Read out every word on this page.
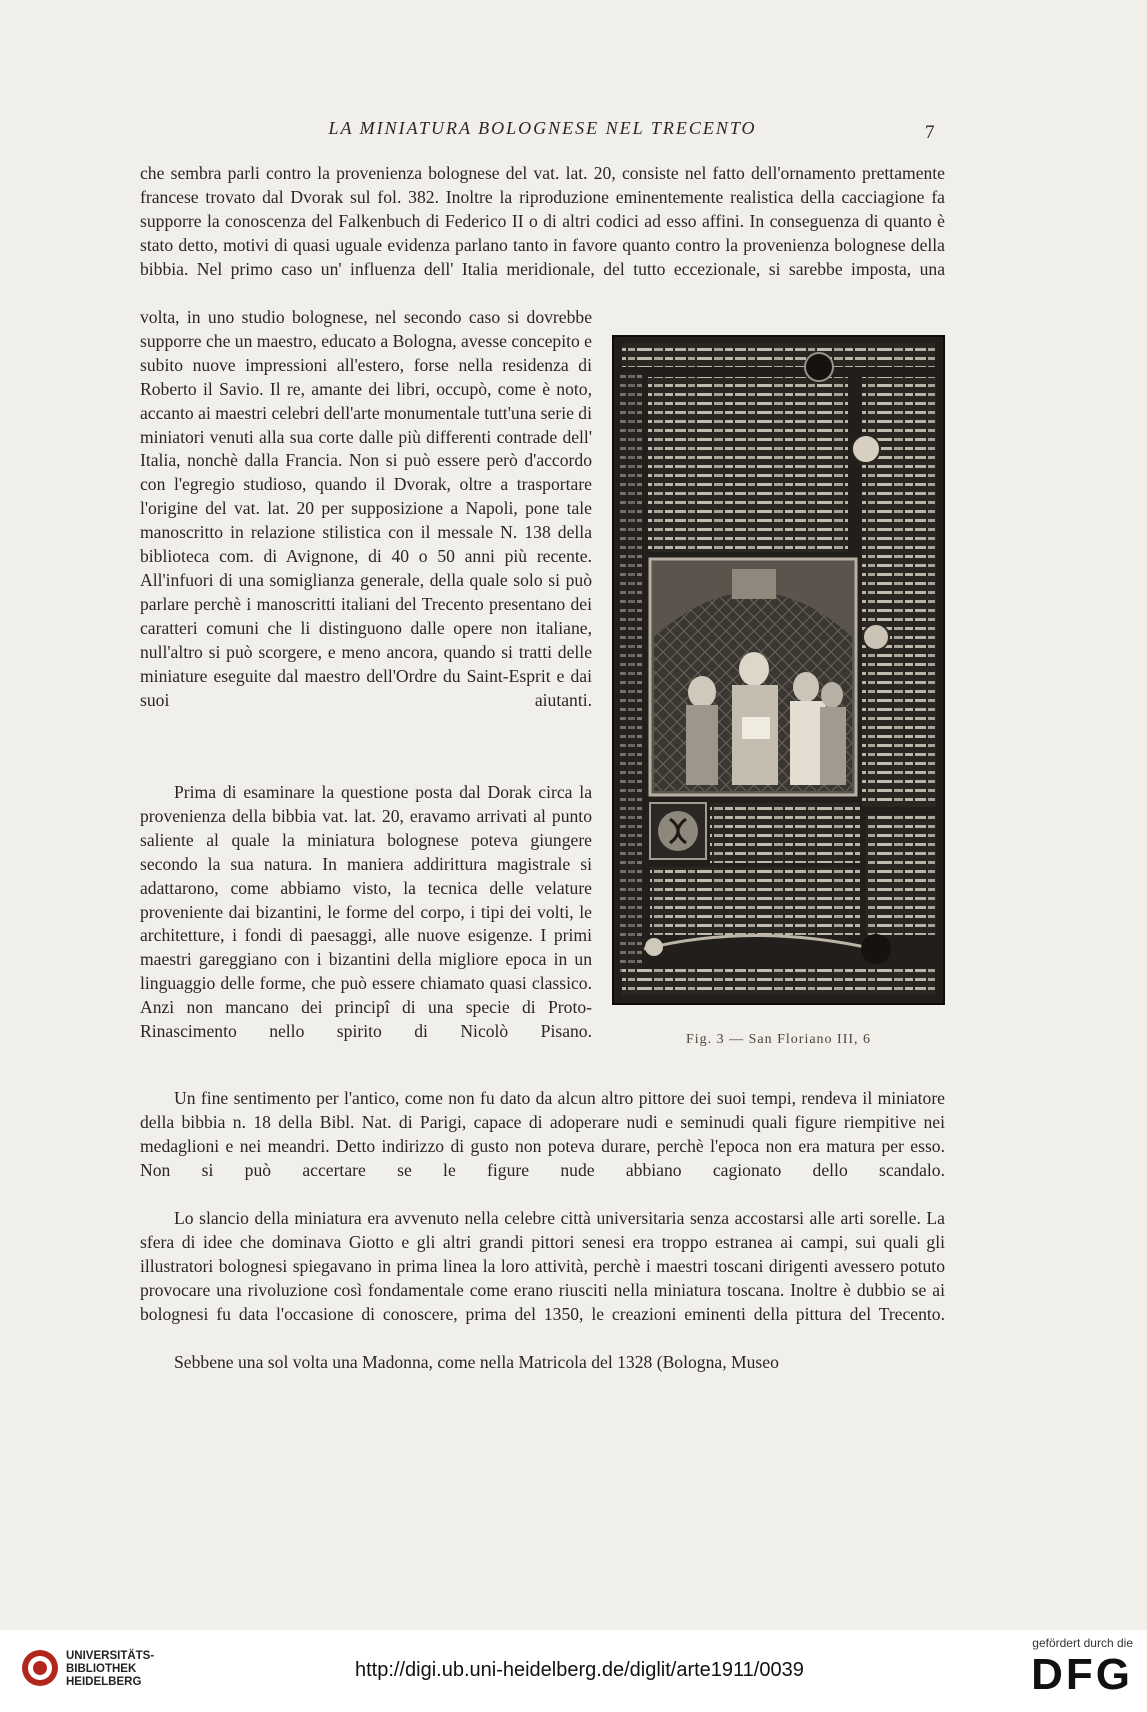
LA MINIATURA BOLOGNESE NEL TRECENTO	7

che sembra parli contro la provenienza bolognese del vat. lat. 20, consiste nel fatto dell'ornamento prettamente francese trovato dal Dvorak sul fol. 382. Inoltre la riproduzione eminentemente realistica della cacciagione fa supporre la conoscenza del Falkenbuch di Federico II o di altri codici ad esso affini. In conseguenza di quanto è stato detto, motivi di quasi uguale evidenza parlano tanto in favore quanto contro la provenienza bolognese della bibbia. Nel primo caso un' influenza dell' Italia meridionale, del tutto eccezionale, si sarebbe imposta, una

volta, in uno studio bolognese, nel secondo caso si dovrebbe supporre che un maestro, educato a Bologna, avesse concepito e subito nuove impressioni all'estero, forse nella residenza di Roberto il Savio. Il re, amante dei libri, occupò, come è noto, accanto ai maestri celebri dell'arte monumentale tutt'una serie di miniatori venuti alla sua corte dalle più differenti contrade dell' Italia, nonchè dalla Francia. Non si può essere però d'accordo con l'egregio studioso, quando il Dvorak, oltre a trasportare l'origine del vat. lat. 20 per supposizione a Napoli, pone tale manoscritto in relazione stilistica con il messale N. 138 della biblioteca com. di Avignone, di 40 o 50 anni più recente. All'infuori di una somiglianza generale, della quale solo si può parlare perchè i manoscritti italiani del Trecento presentano dei caratteri comuni che li distinguono dalle opere non italiane, null'altro si può scorgere, e meno ancora, quando si tratti delle miniature eseguite dal maestro dell'Ordre du Saint-Esprit e dai suoi aiutanti.

Prima di esaminare la questione posta dal Dorak circa la provenienza della bibbia vat. lat. 20, eravamo arrivati al punto saliente al quale la miniatura bolognese poteva giungere secondo la sua natura. In maniera addirittura magistrale si adattarono, come abbiamo visto, la tecnica delle velature proveniente dai bizantini, le forme del corpo, i tipi dei volti, le architetture, i fondi di paesaggi, alle nuove esigenze. I primi maestri gareggiano con i bizantini della migliore epoca in un linguaggio delle forme, che può essere chiamato quasi classico. Anzi non mancano dei principî di una specie di Proto-Rinascimento nello spirito di Nicolò Pisano.

Un fine sentimento per l'antico, come non fu dato da alcun altro pittore dei suoi tempi, rendeva il miniatore della bibbia n. 18 della Bibl. Nat. di Parigi, capace di adoperare nudi e seminudi quali figure riempitive nei medaglioni e nei meandri. Detto indirizzo di gusto non poteva durare, perchè l'epoca non era matura per esso. Non si può accertare se le figure nude abbiano cagionato dello scandalo.

Lo slancio della miniatura era avvenuto nella celebre città universitaria senza accostarsi alle arti sorelle. La sfera di idee che dominava Giotto e gli altri grandi pittori senesi era troppo estranea ai campi, sui quali gli illustratori bolognesi spiegavano in prima linea la loro attività, perchè i maestri toscani dirigenti avessero potuto provocare una rivoluzione così fondamentale come erano riusciti nella miniatura toscana. Inoltre è dubbio se ai bolognesi fu data l'occasione di conoscere, prima del 1350, le creazioni eminenti della pittura del Trecento.

Sebbene una sol volta una Madonna, come nella Matricola del 1328 (Bologna, Museo

Fig. 3 — San Floriano III, 6
UNIVERSITÄTS-
BIBLIOTHEK
HEIDELBERG
http://digi.ub.uni-heidelberg.de/diglit/arte1911/0039
gefördert durch die
DFG
